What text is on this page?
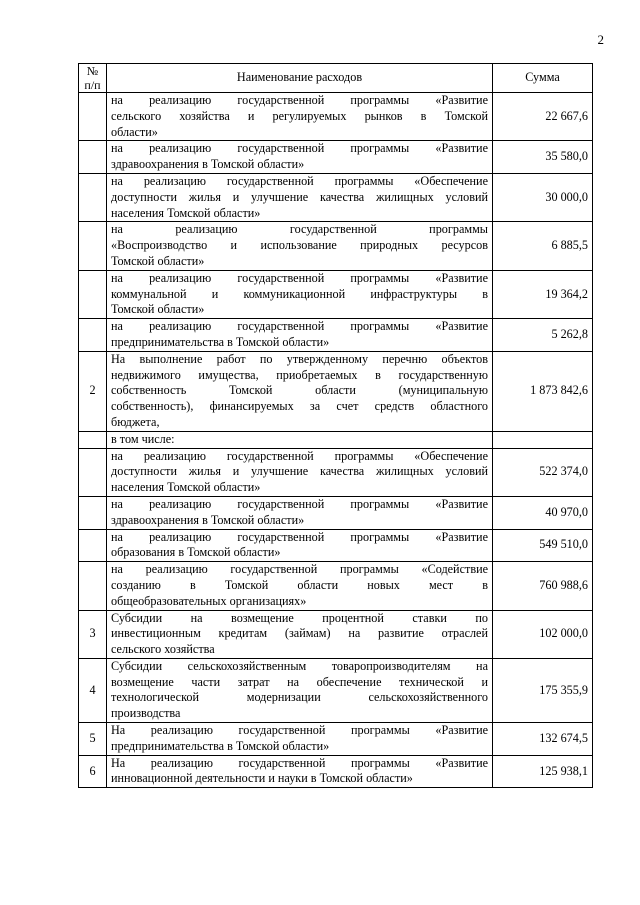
2
№
п/п	Наименование расходов	Сумма

	на реализацию государственной программы «Развитие
сельского хозяйства и регулируемых рынков в Томской
области»	22 667,6

	на реализацию государственной программы «Развитие
здравоохранения в Томской области»	35 580,0

	на реализацию государственной программы «Обеспечение
доступности жилья и улучшение качества жилищных условий
населения Томской области»	30 000,0

	на реализацию государственной программы
«Воспроизводство и использование природных ресурсов
Томской области»	6 885,5

	на реализацию государственной программы «Развитие
коммунальной и коммуникационной инфраструктуры в
Томской области»	19 364,2

	на реализацию государственной программы «Развитие
предпринимательства в Томской области»	5 262,8
2	На выполнение работ по утвержденному перечню объектов
недвижимого имущества, приобретаемых в государственную
собственность Томской области (муниципальную
собственность), финансируемых за счет средств областного
бюджета,	1 873 842,6

	в том числе:	

	на реализацию государственной программы «Обеспечение
доступности жилья и улучшение качества жилищных условий
населения Томской области»	522 374,0

	на реализацию государственной программы «Развитие
здравоохранения в Томской области»	40 970,0

	на реализацию государственной программы «Развитие
образования в Томской области»	549 510,0

	на реализацию государственной программы «Содействие
созданию в Томской области новых мест в
общеобразовательных организациях»	760 988,6
3	Субсидии на возмещение процентной ставки по
инвестиционным кредитам (займам) на развитие отраслей
сельского хозяйства	102 000,0
4	Субсидии сельскохозяйственным товаропроизводителям на
возмещение части затрат на обеспечение технической и
технологической модернизации сельскохозяйственного
производства	175 355,9
5	На реализацию государственной программы «Развитие
предпринимательства в Томской области»	132 674,5
6	На реализацию государственной программы «Развитие
инновационной деятельности и науки в Томской области»	125 938,1
